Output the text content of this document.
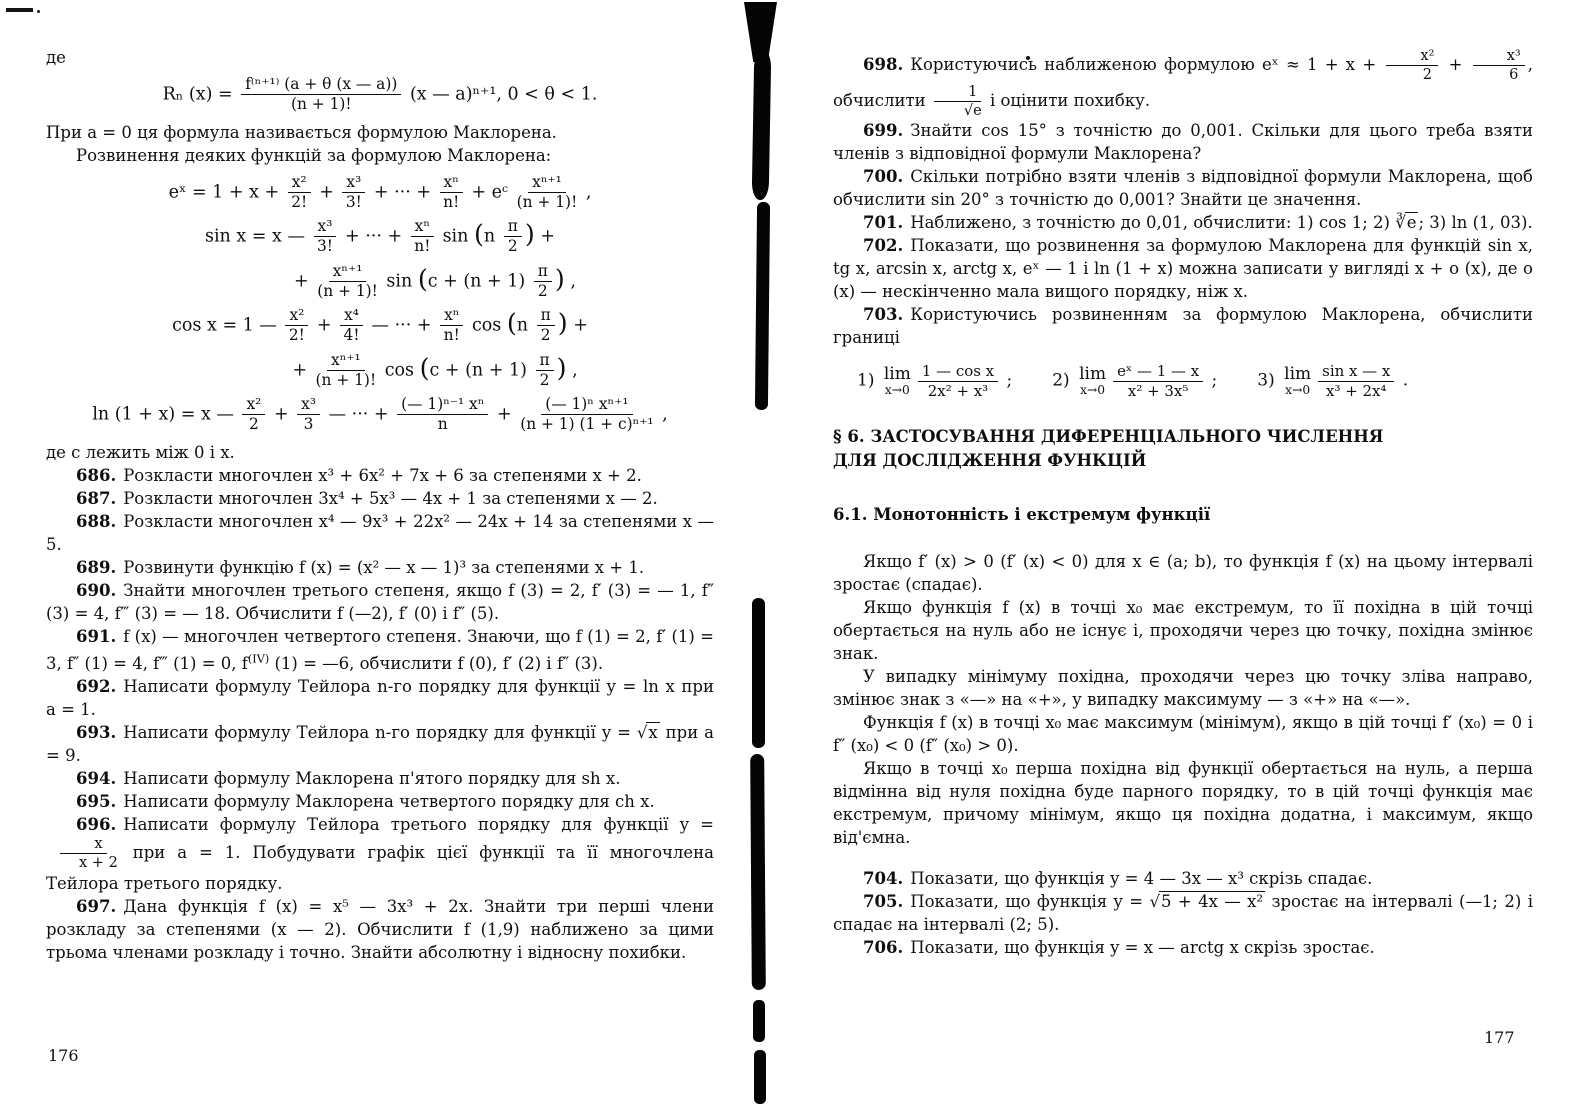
де

Rₙ $(x) = \frac{\text{f⁽ⁿ⁺¹⁾ (a + θ (x — a))}}{(n + 1)!} (x$ — a)ⁿ⁺¹, 0 < θ < 1.

При a = 0 ця формула називається формулою Маклорена.

Розвинення деяких функцій за формулою Маклорена:

eˣ = $1 + x + \frac{\text{x²}}{2!} + \frac{\text{x³}}{3!}$ + ··· + $\frac{\text{xⁿ}}{n!}$ + eᶜ $\frac{\text{xⁿ⁺¹}}{(n + 1)!}$ ,
sin x = x — $\frac{\text{x³}}{3!}$ + ··· + $\frac{\text{xⁿ}}{n!}$ $\sin (n \frac{\pi}{2}$ ) +
+ $\frac{\text{xⁿ⁺¹}}{(n + 1)!}$ $\sin (c + (n + 1) \frac{\pi}{2}$ ) ,
cos x = 1 — $\frac{\text{x²}}{2!} + \frac{\text{x⁴}}{4!}$ — ··· + $\frac{\text{xⁿ}}{n!}$ $\cos (n \frac{\pi}{2}$ ) +
+ $\frac{\text{xⁿ⁺¹}}{(n + 1)!}$ $\cos (c + (n + 1) \frac{\pi}{2}$ ) ,
ln (1 + x) = x — $\frac{\text{x²}}{2} + \frac{\text{x³}}{3}$ — ··· + $\frac{\text{(— 1)ⁿ⁻¹ xⁿ}}{n} + \frac{\text{(— 1)ⁿ xⁿ⁺¹}}{\text{(n + 1) (1 + c)ⁿ⁺¹}}$ ,

де c лежить між 0 і x.

686. Розкласти многочлен x³ + 6x² + 7x + 6 за степенями x + 2.

687. Розкласти многочлен 3x⁴ + 5x³ — 4x + 1 за степенями x — 2.

688. Розкласти многочлен x⁴ — 9x³ + 22x² — 24x + 14 за степенями x — 5.

689. Розвинути функцію f (x) = (x² — x — 1)³ за степенями x + 1.

690. Знайти многочлен третього степеня, якщо f (3) = 2, f′ (3) = — 1, f″ (3) = 4, f‴ (3) = — 18. Обчислити f (—2), f′ (0) і f″ (5).

691. f (x) — многочлен четвертого степеня. Знаючи, що f (1) = 2, f′ (1) = 3, f″ (1) = 4, f‴ (1) = 0, $f^{(IV)}$ (1) = —6, обчислити f (0), f′ (2) і f″ (3).

692. Написати формулу Тейлора n-го порядку для функції y = ln x при a = 1.

693. Написати формулу Тейлора n-го порядку для функції y = √ x при a = 9.

694. Написати формулу Маклорена п'ятого порядку для sh x.

695. Написати формулу Маклорена четвертого порядку для ch x.

696. Написати формулу Тейлора третього порядку для функції y =
$\frac{x}{x + 2}$ при a = 1. Побудувати графік цієї функції та її многочлена Тейлора третього порядку.

697. Дана функція f (x) = x⁵ — 3x³ + 2x. Знайти три перші члени розкладу за степенями (x — 2). Обчислити f (1,9) наближено за цими трьома членами розкладу і точно. Знайти абсолютну і відносну похибки.

698. Користуючись наближеною формулою eˣ ≈ $1 + x + \frac{\text{x²}}{2} + \frac{\text{x³}}{6}$ , обчислити $\frac{1}{√e}$ і оцінити похибку.

699. Знайти cos 15° з точністю до 0,001. Скільки для цього треба взяти членів з відповідної формули Маклорена?

700. Скільки потрібно взяти членів з відповідної формули Маклорена, щоб обчислити sin 20° з точністю до 0,001? Знайти це значення.

701. Наближено, з точністю до 0,01, обчислити: 1) cos 1; 2) ∛ e ; 3) ln (1, 03).

702. Показати, що розвинення за формулою Маклорена для функцій sin x, tg x, arcsin x, arctg x, eˣ — 1 і ln (1 + x) можна записати у вигляді x + o (x), де o (x) — нескінченно мала вищого порядку, ніж x.

703. Користуючись розвиненням за формулою Маклорена, обчислити границі

1) lim
$x\to 0 \frac{\text{1 — cos x}}{\text{2x² + x³}}$ ; 2) lim
$x\to 0 \frac{\text{eˣ — 1 — x}}{\text{x² + 3x⁵}}$ ; 3) lim
$x\to 0 \frac{\text{sin x — x}}{\text{x³ + 2x⁴}}$ .
§ 6. ЗАСТОСУВАННЯ ДИФЕРЕНЦІАЛЬНОГО ЧИСЛЕННЯ
ДЛЯ ДОСЛІДЖЕННЯ ФУНКЦІЙ
6.1. Монотонність і екстремум функції

Якщо f′ (x) > 0 (f′ (x) < 0) для x ∈ (a; b), то функція f (x) на цьому інтервалі зростає (спадає).

Якщо функція f (x) в точці x₀ має екстремум, то її похідна в цій точці обертається на нуль або не існує і, проходячи через цю точку, похідна змінює знак.

У випадку мінімуму похідна, проходячи через цю точку зліва направо, змінює знак з «—» на «+», у випадку максимуму — з «+» на «—».

Функція f (x) в точці x₀ має максимум (мінімум), якщо в цій точці f′ (x₀) = 0 і f″ (x₀) < 0 (f″ (x₀) > 0).

Якщо в точці x₀ перша похідна від функції обертається на нуль, а перша відмінна від нуля похідна буде парного порядку, то в цій точці функція має екстремум, причому мінімум, якщо ця похідна додатна, і максимум, якщо від'ємна.

704. Показати, що функція y = 4 — 3x — x³ скрізь спадає.

705. Показати, що функція y = √ 5 + 4x — x² зростає на інтервалі (—1; 2) і спадає на інтервалі (2; 5).

706. Показати, що функція y = x — arctg x скрізь зростає.

176
177
